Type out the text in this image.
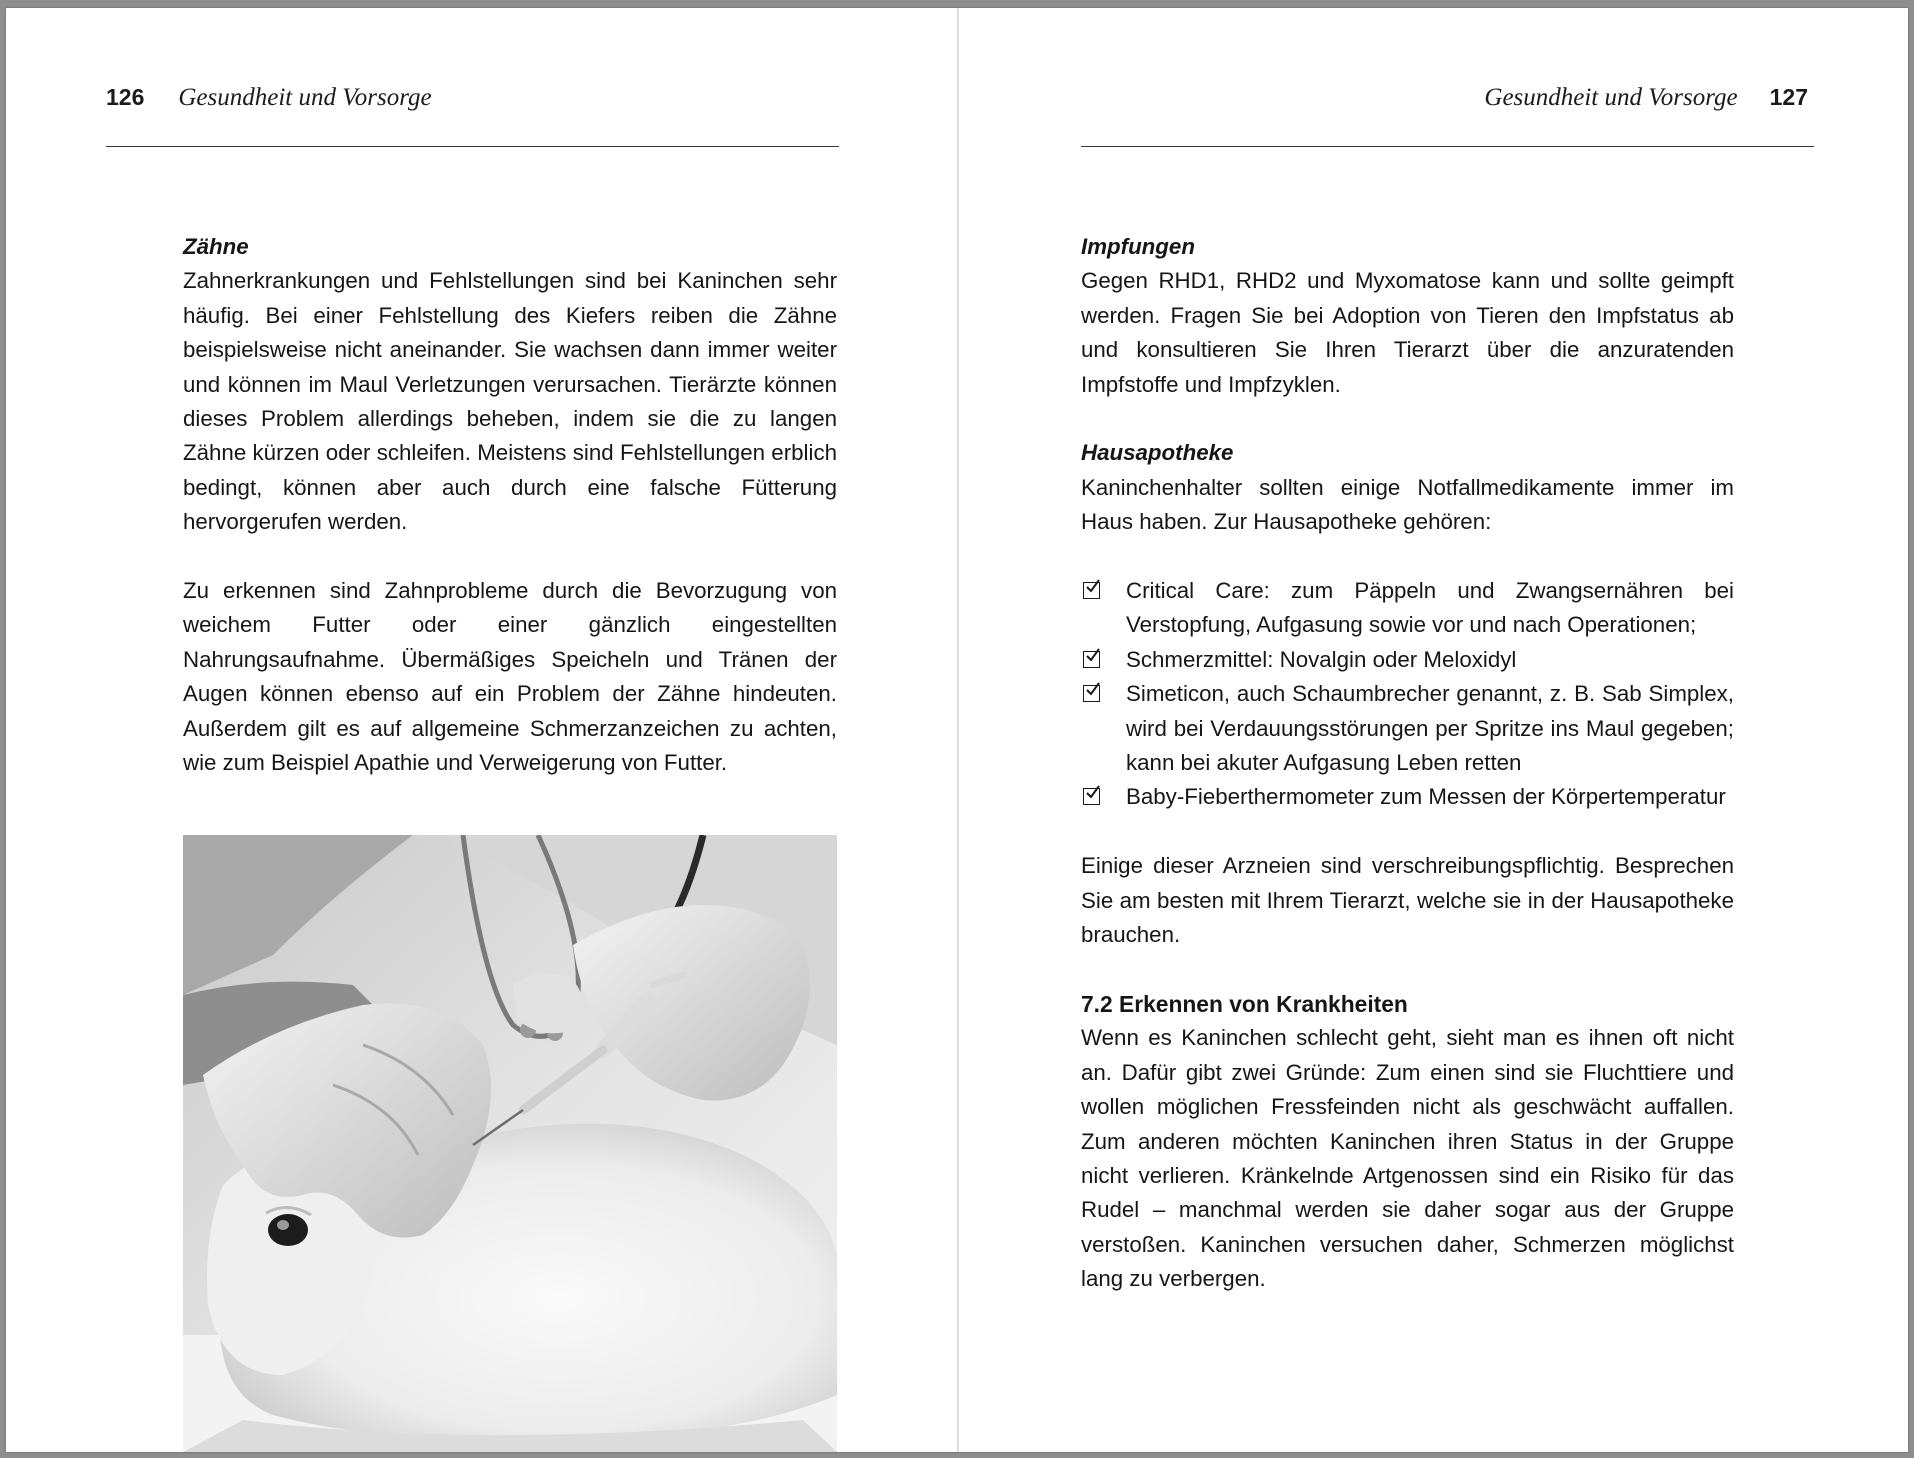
126 Gesundheit und Vorsorge
Zähne

Zahnerkrankungen und Fehlstellungen sind bei Kaninchen sehr häufig. Bei einer Fehlstellung des Kiefers reiben die Zähne beispielsweise nicht aneinander. Sie wachsen dann immer weiter und können im Maul Verletzungen verursachen. Tierärzte können dieses Problem allerdings beheben, indem sie die zu langen Zähne kürzen oder schleifen. Meistens sind Fehlstellungen erblich bedingt, können aber auch durch eine falsche Fütterung hervorgerufen werden.

Zu erkennen sind Zahnprobleme durch die Bevorzugung von weichem Futter oder einer gänzlich eingestellten Nahrungsaufnahme. Übermäßiges Speicheln und Tränen der Augen können ebenso auf ein Problem der Zähne hindeuten. Außerdem gilt es auf allgemeine Schmerzanzeichen zu achten, wie zum Beispiel Apathie und Verweigerung von Futter.

Gesundheit und Vorsorge 127
Impfungen

Gegen RHD1, RHD2 und Myxomatose kann und sollte geimpft werden. Fragen Sie bei Adoption von Tieren den Impfstatus ab und konsultieren Sie Ihren Tierarzt über die anzuratenden Impfstoffe und Impfzyklen.

Hausapotheke

Kaninchenhalter sollten einige Notfallmedikamente immer im Haus haben. Zur Hausapotheke gehören:

Critical Care: zum Päppeln und Zwangsernähren bei Verstopfung, Aufgasung sowie vor und nach Operationen;
Schmerzmittel: Novalgin oder Meloxidyl
Simeticon, auch Schaumbrecher genannt, z. B. Sab Simplex, wird bei Verdauungsstörungen per Spritze ins Maul gegeben; kann bei akuter Aufgasung Leben retten
Baby-Fieberthermometer zum Messen der Körpertemperatur

Einige dieser Arzneien sind verschreibungspflichtig. Besprechen Sie am besten mit Ihrem Tierarzt, welche sie in der Hausapotheke brauchen.

7.2 Erkennen von Krankheiten

Wenn es Kaninchen schlecht geht, sieht man es ihnen oft nicht an. Dafür gibt zwei Gründe: Zum einen sind sie Fluchttiere und wollen möglichen Fressfeinden nicht als geschwächt auffallen. Zum anderen möchten Kaninchen ihren Status in der Gruppe nicht verlieren. Kränkelnde Artgenossen sind ein Risiko für das Rudel – manchmal werden sie daher sogar aus der Gruppe verstoßen. Kaninchen versuchen daher, Schmerzen möglichst lang zu verbergen.
